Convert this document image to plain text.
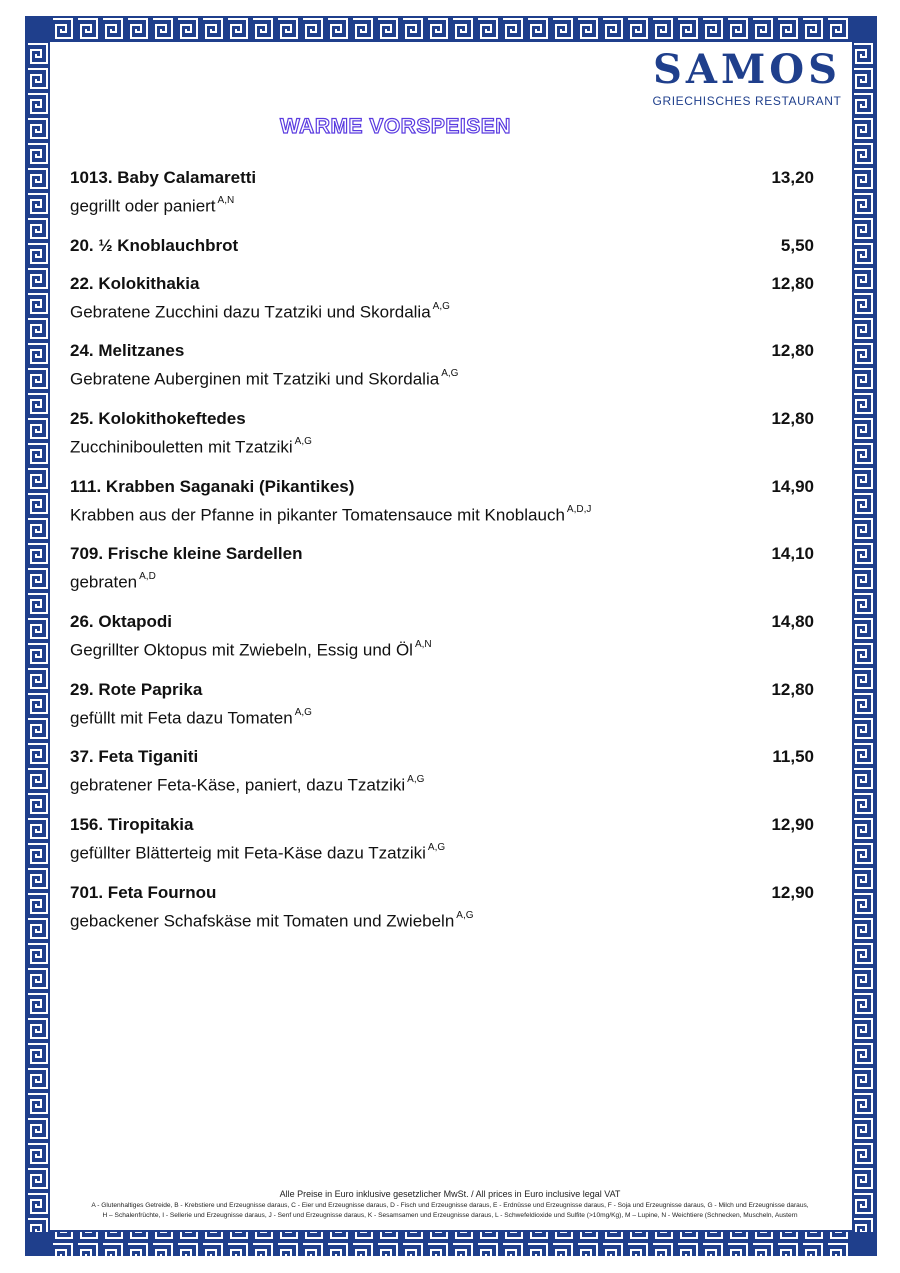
SAMOS
GRIECHISCHES RESTAURANT
WARME VORSPEISEN
1013. Baby Calamaretti	13,20
gegrillt oder paniert $^{A,N}$
20. ½ Knoblauchbrot	5,50
22. Kolokithakia	12,80
Gebratene Zucchini dazu Tzatziki und Skordalia $^{A,G}$
24. Melitzanes	12,80
Gebratene Auberginen mit Tzatziki und Skordalia $^{A,G}$
25. Kolokithokeftedes	12,80
Zucchinibouletten mit Tzatziki $^{A,G}$
111. Krabben Saganaki (Pikantikes)	14,90
Krabben aus der Pfanne in pikanter Tomatensauce mit Knoblauch $^{A,D,J}$
709. Frische kleine Sardellen	14,10
gebraten $^{A,D}$
26. Oktapodi	14,80
Gegrillter Oktopus mit Zwiebeln, Essig und Öl $^{A,N}$
29. Rote Paprika	12,80
gefüllt mit Feta dazu Tomaten $^{A,G}$
37. Feta Tiganiti	11,50
gebratener Feta-Käse, paniert, dazu Tzatziki $^{A,G}$
156. Tiropitakia	12,90
gefüllter Blätterteig mit Feta-Käse dazu Tzatziki $^{A,G}$
701. Feta Fournou	12,90
gebackener Schafskäse mit Tomaten und Zwiebeln $^{A,G}$
Alle Preise in Euro inklusive gesetzlicher MwSt. / All prices in Euro inclusive legal VAT
A - Glutenhaltiges Getreide, B - Krebstiere und Erzeugnisse daraus, C - Eier und Erzeugnisse daraus, D - Fisch und Erzeugnisse daraus, E - Erdnüsse und Erzeugnisse daraus, F - Soja und Erzeugnisse daraus, G - Milch und Erzeugnisse daraus,
H – Schalenfrüchte, I - Sellerie und Erzeugnisse daraus, J - Senf und Erzeugnisse daraus, K - Sesamsamen und Erzeugnisse daraus, L - Schwefeldioxide und Sulfite (>10mg/Kg), M – Lupine, N - Weichtiere (Schnecken, Muscheln, Austern
